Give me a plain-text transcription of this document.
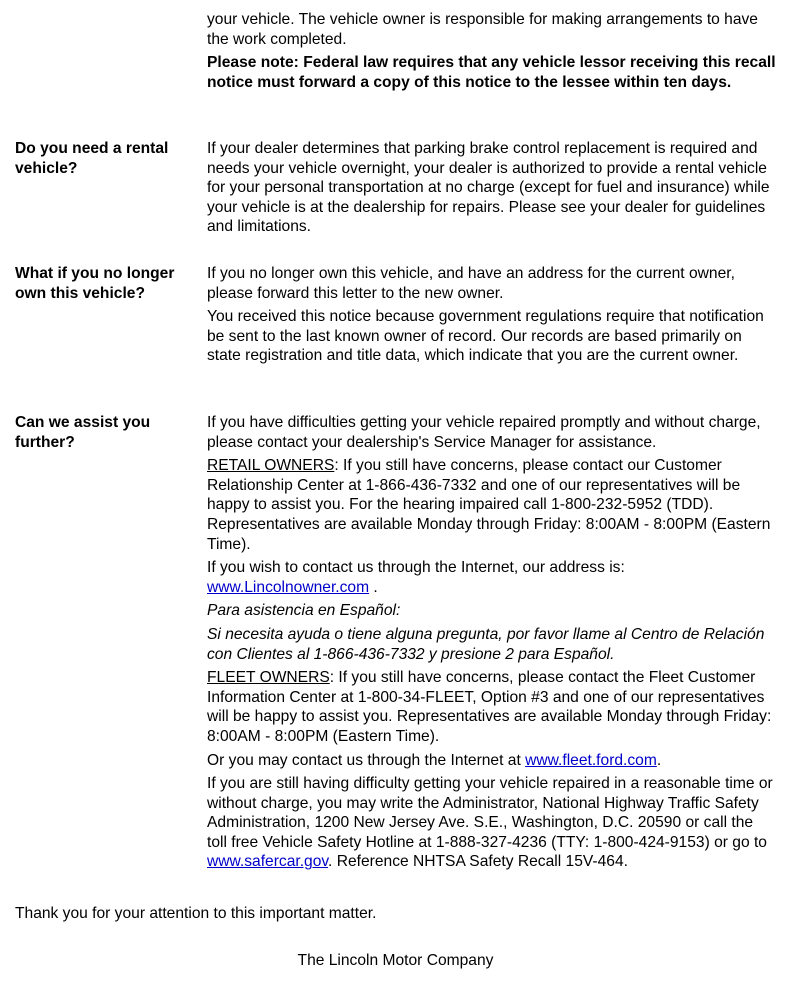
your vehicle. The vehicle owner is responsible for making arrangements to have the work completed.

Please note: Federal law requires that any vehicle lessor receiving this recall notice must forward a copy of this notice to the lessee within ten days.

Do you need a rental vehicle?

If your dealer determines that parking brake control replacement is required and needs your vehicle overnight, your dealer is authorized to provide a rental vehicle for your personal transportation at no charge (except for fuel and insurance) while your vehicle is at the dealership for repairs. Please see your dealer for guidelines and limitations.

What if you no longer own this vehicle?

If you no longer own this vehicle, and have an address for the current owner, please forward this letter to the new owner.

You received this notice because government regulations require that notification be sent to the last known owner of record. Our records are based primarily on state registration and title data, which indicate that you are the current owner.

Can we assist you further?

If you have difficulties getting your vehicle repaired promptly and without charge, please contact your dealership's Service Manager for assistance.

RETAIL OWNERS: If you still have concerns, please contact our Customer Relationship Center at 1-866-436-7332 and one of our representatives will be happy to assist you. For the hearing impaired call 1-800-232-5952 (TDD). Representatives are available Monday through Friday: 8:00AM - 8:00PM (Eastern Time).

If you wish to contact us through the Internet, our address is:
www.Lincolnowner.com .

Para asistencia en Español:

Si necesita ayuda o tiene alguna pregunta, por favor llame al Centro de Relación con Clientes al 1-866-436-7332 y presione 2 para Español.

FLEET OWNERS: If you still have concerns, please contact the Fleet Customer Information Center at 1-800-34-FLEET, Option #3 and one of our representatives will be happy to assist you. Representatives are available Monday through Friday: 8:00AM - 8:00PM (Eastern Time).

Or you may contact us through the Internet at www.fleet.ford.com.

If you are still having difficulty getting your vehicle repaired in a reasonable time or without charge, you may write the Administrator, National Highway Traffic Safety Administration, 1200 New Jersey Ave. S.E., Washington, D.C. 20590 or call the toll free Vehicle Safety Hotline at 1-888-327-4236 (TTY: 1-800-424-9153) or go to www.safercar.gov. Reference NHTSA Safety Recall 15V-464.

Thank you for your attention to this important matter.
The Lincoln Motor Company
